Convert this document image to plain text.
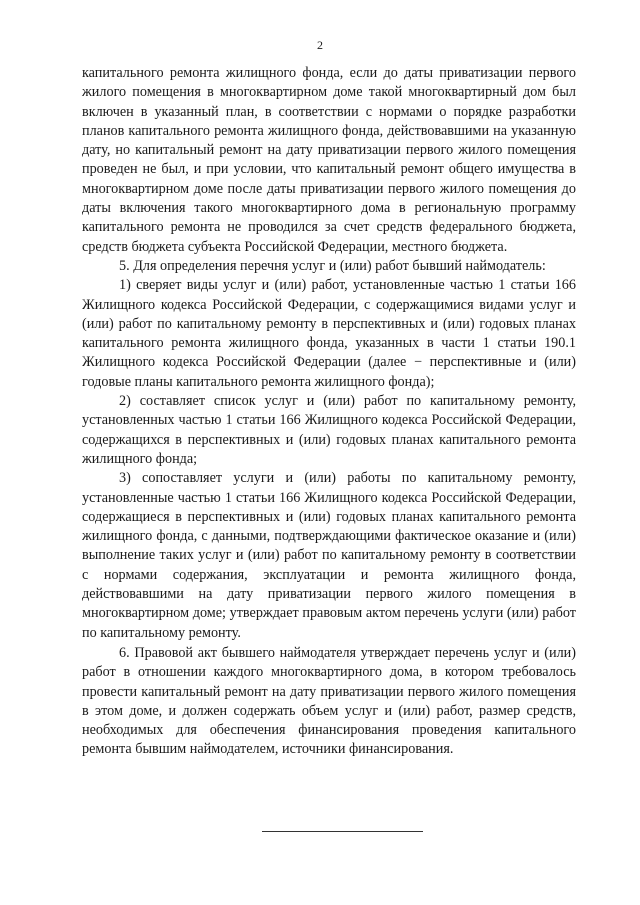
2

капитального ремонта жилищного фонда, если до даты приватизации первого жилого помещения в многоквартирном доме такой многоквартирный дом был включен в указанный план, в соответствии с нормами о порядке разработки планов капитального ремонта жилищного фонда, действовавшими на указанную дату, но капитальный ремонт на дату приватизации первого жилого помещения проведен не был, и при условии, что капитальный ремонт общего имущества в многоквартирном доме после даты приватизации первого жилого помещения до даты включения такого многоквартирного дома в региональную программу капитального ремонта не проводился за счет средств федерального бюджета, средств бюджета субъекта Российской Федерации, местного бюджета.

5. Для определения перечня услуг и (или) работ бывший наймодатель:

1) сверяет виды услуг и (или) работ, установленные частью 1 статьи 166 Жилищного кодекса Российской Федерации, с содержащимися видами услуг и (или) работ по капитальному ремонту в перспективных и (или) годовых планах капитального ремонта жилищного фонда, указанных в части 1 статьи 190.1 Жилищного кодекса Российской Федерации (далее − перспективные и (или) годовые планы капитального ремонта жилищного фонда);

2) составляет список услуг и (или) работ по капитальному ремонту, установленных частью 1 статьи 166 Жилищного кодекса Российской Федерации, содержащихся в перспективных и (или) годовых планах капитального ремонта жилищного фонда;

3) сопоставляет услуги и (или) работы по капитальному ремонту, установленные частью 1 статьи 166 Жилищного кодекса Российской Федерации, содержащиеся в перспективных и (или) годовых планах капитального ремонта жилищного фонда, с данными, подтверждающими фактическое оказание и (или) выполнение таких услуг и (или) работ по капитальному ремонту в соответствии с нормами содержания, эксплуатации и ремонта жилищного фонда, действовавшими на дату приватизации первого жилого помещения в многоквартирном доме; утверждает правовым актом перечень услуги (или) работ по капитальному ремонту.

6. Правовой акт бывшего наймодателя утверждает перечень услуг и (или) работ в отношении каждого многоквартирного дома, в котором требовалось провести капитальный ремонт на дату приватизации первого жилого помещения в этом доме, и должен содержать объем услуг и (или) работ, размер средств, необходимых для обеспечения финансирования проведения капитального ремонта бывшим наймодателем, источники финансирования.
